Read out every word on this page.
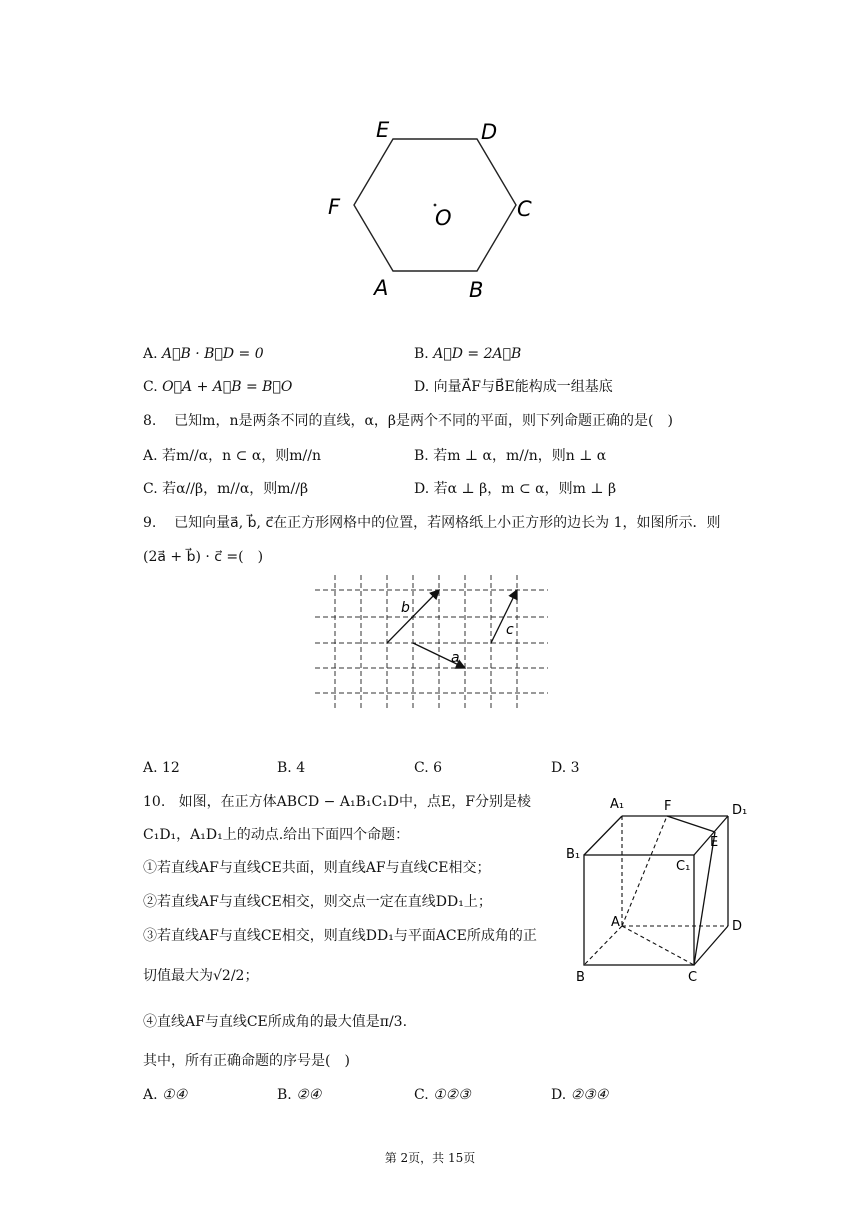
E	D
F	C
O
A	B
A. A⃗B · B⃗D = 0	B. A⃗D = 2A⃗B
C. O⃗A + A⃗B = B⃗O	D. 向量A⃗F与B⃗E能构成一组基底
8. 已知m，n是两条不同的直线，α，β是两个不同的平面，则下列命题正确的是(　)
A. 若m//α，n ⊂ α，则m//n	B. 若m ⊥ α，m//n，则n ⊥ α
C. 若α//β，m//α，则m//β	D. 若α ⊥ β，m ⊂ α，则m ⊥ β
9. 已知向量a⃗, b⃗, c⃗在正方形网格中的位置，若网格纸上小正方形的边长为 1，如图所示．则
(2a⃗ + b⃗) · c⃗ =(　)
b
a
c
A. 12	B. 4	C. 6	D. 3
10. 如图，在正方体ABCD − A₁B₁C₁D中，点E，F分别是棱
C₁D₁，A₁D₁上的动点.给出下面四个命题：
①若直线AF与直线CE共面，则直线AF与直线CE相交；
②若直线AF与直线CE相交，则交点一定在直线DD₁上；
③若直线AF与直线CE相交，则直线DD₁与平面ACE所成角的正
切值最大为√2/2；
④直线AF与直线CE所成角的最大值是π/3.
其中，所有正确命题的序号是(　)
A₁	F	D₁
B₁
C₁
E
A	D
B	C
A. ①④	B. ②④	C. ①②③	D. ②③④
第 2页，共 15页
